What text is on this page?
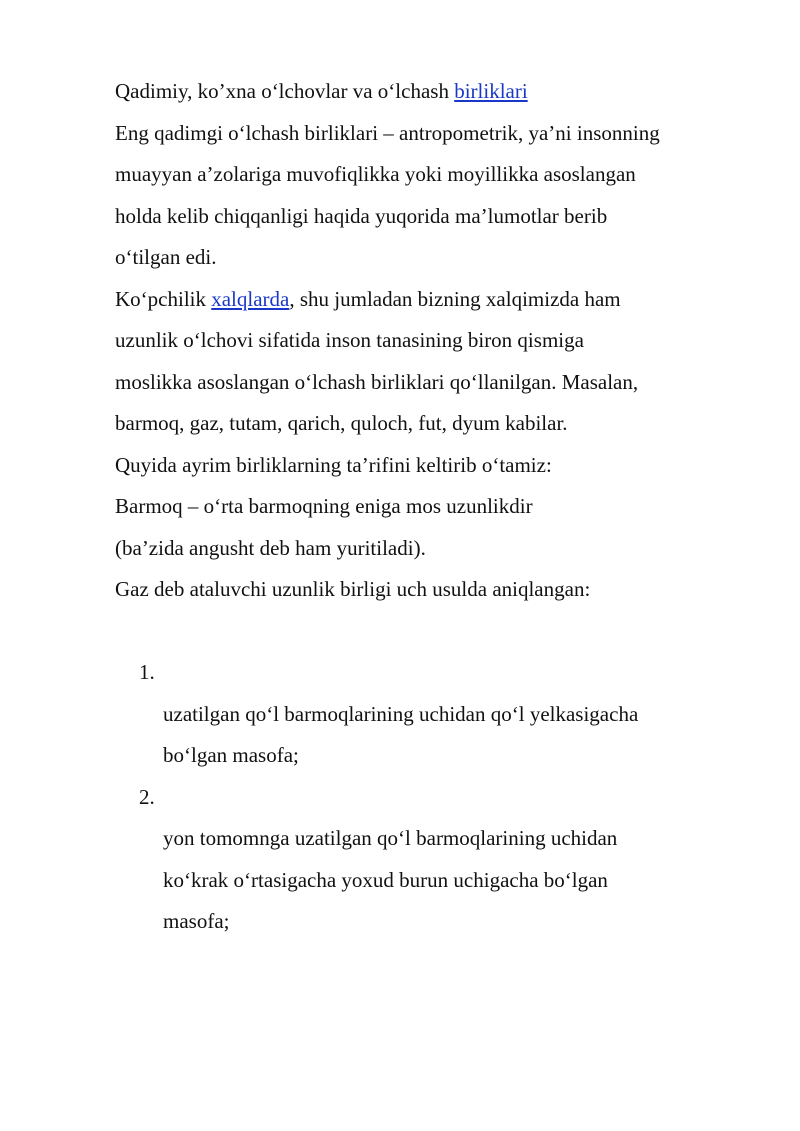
Qadimiy, ko’xna o‘lchovlar va o‘lchash birliklari
Eng qadimgi o‘lchash birliklari – antropometrik, ya’ni insonning
muayyan a’zolariga muvofiqlikka yoki moyillikka asoslangan
holda kelib chiqqanligi haqida yuqorida ma’lumotlar berib
o‘tilgan edi.
Ko‘pchilik xalqlarda, shu jumladan bizning xalqimizda ham
uzunlik o‘lchovi sifatida inson tanasining biron qismiga
moslikka asoslangan o‘lchash birliklari qo‘llanilgan. Masalan,
barmoq, gaz, tutam, qarich, quloch, fut, dyum kabilar.
Quyida ayrim birliklarning ta’rifini keltirib o‘tamiz:
Barmoq – o‘rta barmoqning eniga mos uzunlikdir
(ba’zida angusht deb ham yuritiladi).
Gaz deb ataluvchi uzunlik birligi uch usulda aniqlangan:
1.
uzatilgan qo‘l barmoqlarining uchidan qo‘l yelkasigacha
bo‘lgan masofa;
2.
yon tomomnga uzatilgan qo‘l barmoqlarining uchidan
ko‘krak o‘rtasigacha yoxud burun uchigacha bo‘lgan
masofa;
